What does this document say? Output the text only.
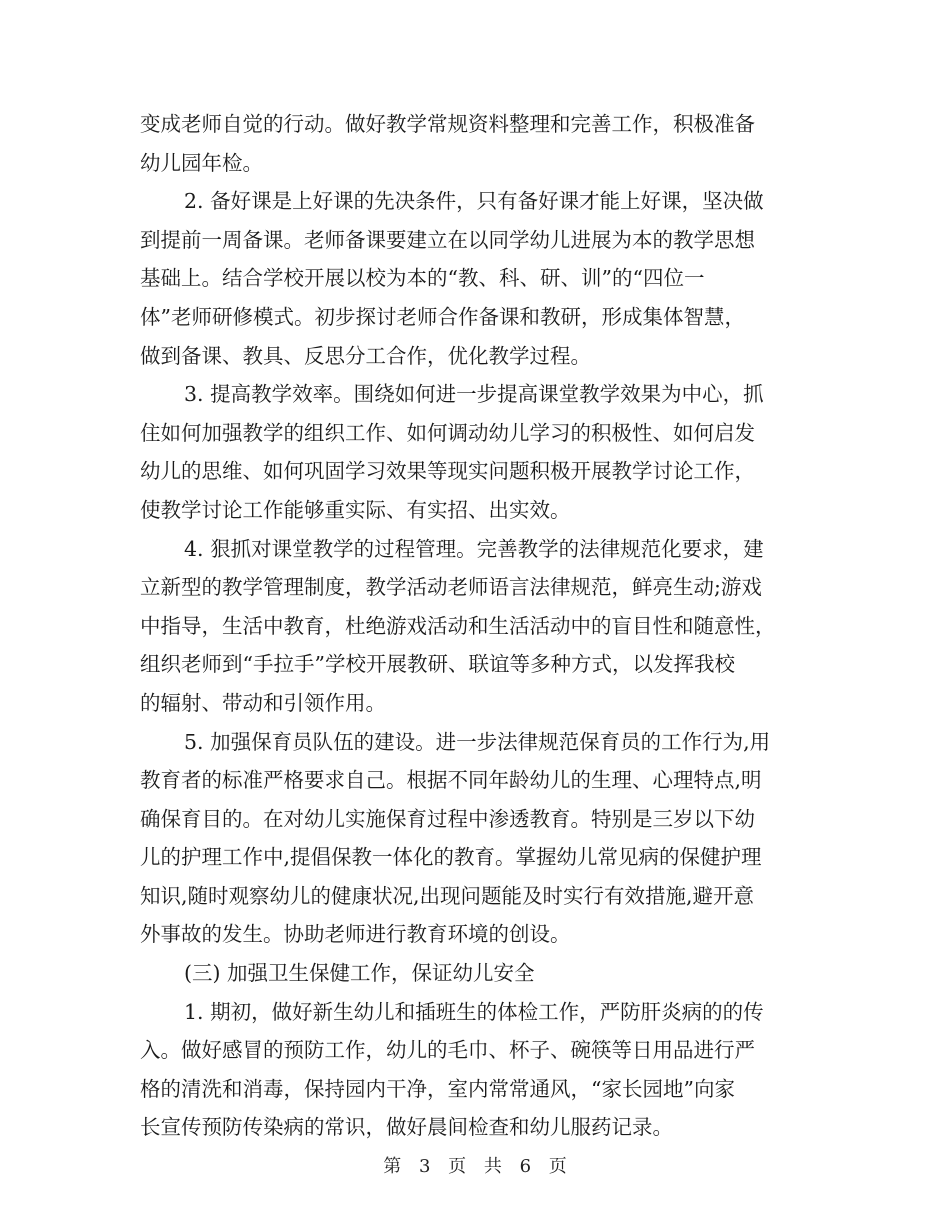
变成老师自觉的行动。做好教学常规资料整理和完善工作，积极准备
幼儿园年检。

2. 备好课是上好课的先决条件，只有备好课才能上好课，坚决做
到提前一周备课。老师备课要建立在以同学幼儿进展为本的教学思想
基础上。结合学校开展以校为本的“教、科、研、训”的“四位一
体”老师研修模式。初步探讨老师合作备课和教研，形成集体智慧，
做到备课、教具、反思分工合作，优化教学过程。

3. 提高教学效率。围绕如何进一步提高课堂教学效果为中心，抓
住如何加强教学的组织工作、如何调动幼儿学习的积极性、如何启发
幼儿的思维、如何巩固学习效果等现实问题积极开展教学讨论工作，
使教学讨论工作能够重实际、有实招、出实效。

4. 狠抓对课堂教学的过程管理。完善教学的法律规范化要求，建
立新型的教学管理制度，教学活动老师语言法律规范，鲜亮生动;游戏
中指导，生活中教育，杜绝游戏活动和生活活动中的盲目性和随意性，
组织老师到“手拉手”学校开展教研、联谊等多种方式，以发挥我校
的辐射、带动和引领作用。

5. 加强保育员队伍的建设。进一步法律规范保育员的工作行为,用
教育者的标准严格要求自己。根据不同年龄幼儿的生理、心理特点,明
确保育目的。在对幼儿实施保育过程中渗透教育。特别是三岁以下幼
儿的护理工作中,提倡保教一体化的教育。掌握幼儿常见病的保健护理
知识,随时观察幼儿的健康状况,出现问题能及时实行有效措施,避开意
外事故的发生。协助老师进行教育环境的创设。

(三) 加强卫生保健工作，保证幼儿安全

1. 期初，做好新生幼儿和插班生的体检工作，严防肝炎病的的传
入。做好感冒的预防工作，幼儿的毛巾、杯子、碗筷等日用品进行严
格的清洗和消毒，保持园内干净，室内常常通风，“家长园地”向家
长宣传预防传染病的常识，做好晨间检查和幼儿服药记录。

第 3 页 共 6 页
